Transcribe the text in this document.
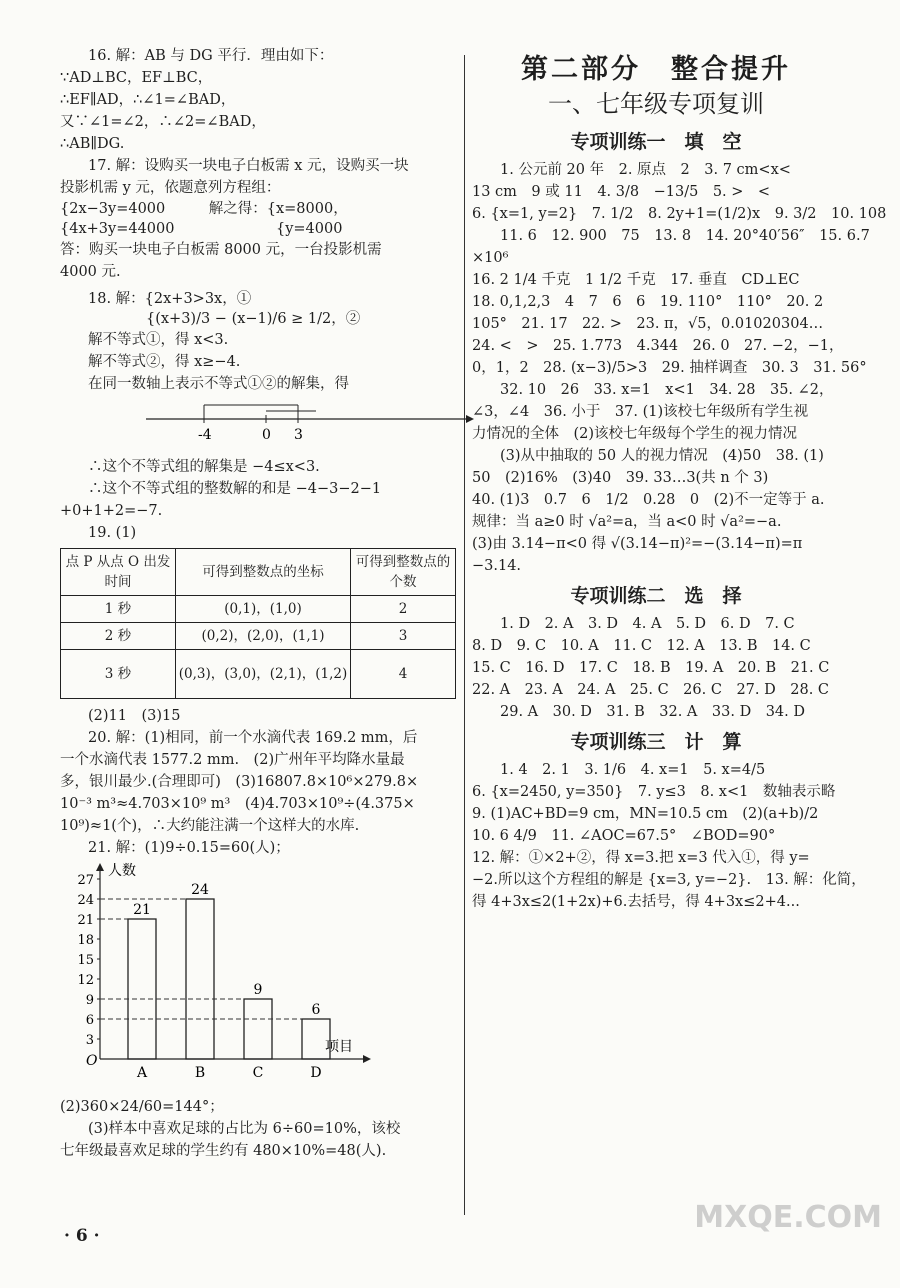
16. 解：AB 与 DG 平行．理由如下：

∵AD⊥BC，EF⊥BC，

∴EF∥AD，∴∠1=∠BAD，

又∵∠1=∠2，∴∠2=∠BAD，

∴AB∥DG.

17. 解：设购买一块电子白板需 x 元，设购买一块

投影机需 y 元，依题意列方程组：

{2x−3y=4000　　　解之得：{x=8000，

{4x+3y=44000　　　　　　　{y=4000

答：购买一块电子白板需 8000 元，一台投影机需

4000 元.

18. 解：{2x+3>3x，①

　　　　{(x+3)/3 − (x−1)/6 ≥ 1/2，②

解不等式①，得 x<3.

解不等式②，得 x≥−4.

在同一数轴上表示不等式①②的解集，得

-4	0 3

∴这个不等式组的解集是 −4≤x<3.

∴这个不等式组的整数解的和是 −4−3−2−1

+0+1+2=−7.

19. (1)

点 P 从点 O 出发时间	可得到整数点的坐标	可得到整数点的个数
1 秒	(0,1)，(1,0)	2
2 秒	(0,2)，(2,0)，(1,1)	3
3 秒	(0,3)，(3,0)，(2,1)，(1,2)	4

(2)11　(3)15

20. 解：(1)相同，前一个水滴代表 169.2 mm，后

一个水滴代表 1577.2 mm.　(2)广州年平均降水量最

多，银川最少.(合理即可)　(3)16807.8×10⁶×279.8×

10⁻³ m³≈4.703×10⁹ m³　(4)4.703×10⁹÷(4.375×

10⁹)≈1(个)，∴大约能注满一个这样大的水库.

21. 解：(1)9÷0.15=60(人)；

人数
项目
O
3
6
9
12
15
18
21
24
27
21
A
24
B
9
C
6
D

(2)360×24/60=144°；

(3)样本中喜欢足球的占比为 6÷60=10%，该校

七年级最喜欢足球的学生约有 480×10%=48(人).

· 6 ·
第二部分　整合提升
一、七年级专项复训
专项训练一　填　空

1. 公元前 20 年　2. 原点　2　3. 7 cm<x<

13 cm　9 或 11　4. 3/8　−13/5　5. >　<

6. {x=1, y=2}　7. 1/2　8. 2y+1=(1/2)x　9. 3/2　10. 108

11. 6　12. 900　75　13. 8　14. 20°40′56″　15. 6.7

×10⁶

16. 2 1/4 千克　1 1/2 千克　17. 垂直　CD⊥EC

18. 0,1,2,3　4　7　6　6　19. 110°　110°　20. 2

105°　21. 17　22. >　23. π，√5，0.01020304…

24. <　>　25. 1.773　4.344　26. 0　27. −2，−1，

0，1，2　28. (x−3)/5>3　29. 抽样调查　30. 3　31. 56°

32. 10　26　33. x=1　x<1　34. 28　35. ∠2，

∠3，∠4　36. 小于　37. (1)该校七年级所有学生视

力情况的全体　(2)该校七年级每个学生的视力情况

(3)从中抽取的 50 人的视力情况　(4)50　38. (1)

50　(2)16%　(3)40　39. 33…3(共 n 个 3)

40. (1)3　0.7　6　1/2　0.28　0　(2)不一定等于 a.

规律：当 a≥0 时 √a²=a，当 a<0 时 √a²=−a.

(3)由 3.14−π<0 得 √(3.14−π)²=−(3.14−π)=π

−3.14.

专项训练二　选　择

1. D　2. A　3. D　4. A　5. D　6. D　7. C

8. D　9. C　10. A　11. C　12. A　13. B　14. C

15. C　16. D　17. C　18. B　19. A　20. B　21. C

22. A　23. A　24. A　25. C　26. C　27. D　28. C

29. A　30. D　31. B　32. A　33. D　34. D

专项训练三　计　算

1. 4　2. 1　3. 1/6　4. x=1　5. x=4/5

6. {x=2450, y=350}　7. y≤3　8. x<1　数轴表示略

9. (1)AC+BD=9 cm，MN=10.5 cm　(2)(a+b)/2

10. 6 4/9　11. ∠AOC=67.5°　∠BOD=90°

12. 解：①×2+②，得 x=3.把 x=3 代入①，得 y=

−2.所以这个方程组的解是 {x=3, y=−2}.　13. 解：化简，

得 4+3x≤2(1+2x)+6.去括号，得 4+3x≤2+4...

MXQE.COM
